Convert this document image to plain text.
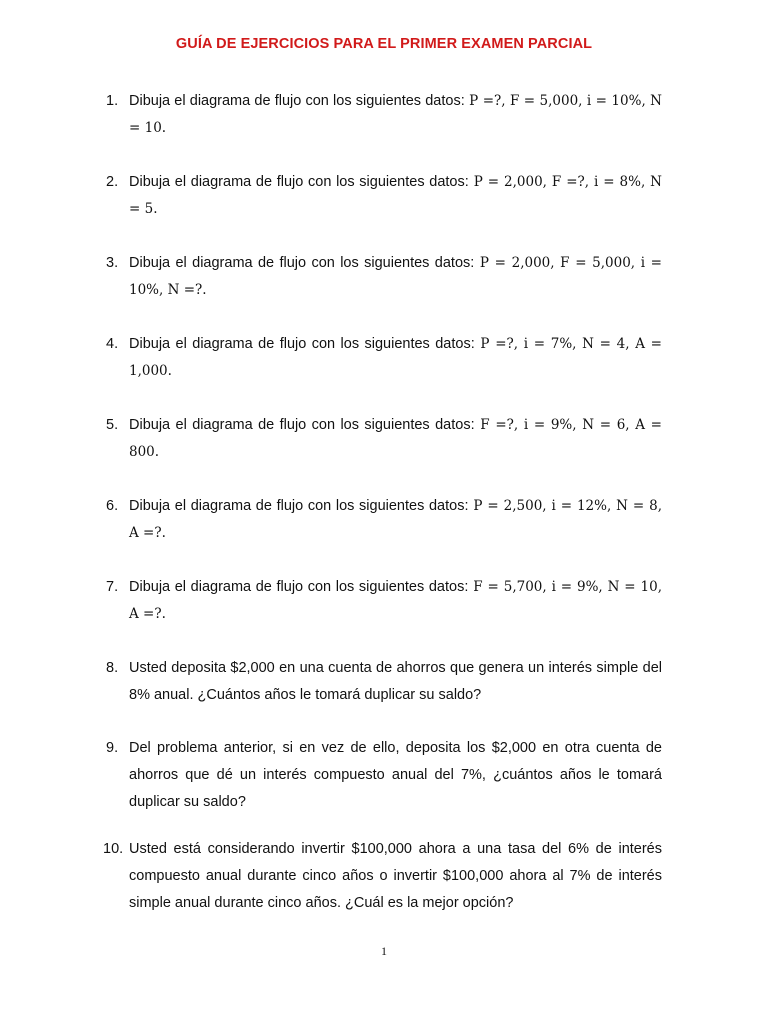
GUÍA DE EJERCICIOS PARA EL PRIMER EXAMEN PARCIAL
1. Dibuja el diagrama de flujo con los siguientes datos: P =?, F = 5,000, i = 10%, N = 10.
2. Dibuja el diagrama de flujo con los siguientes datos: P = 2,000, F =?, i = 8%, N = 5.
3. Dibuja el diagrama de flujo con los siguientes datos: P = 2,000, F = 5,000, i = 10%, N =?.
4. Dibuja el diagrama de flujo con los siguientes datos: P =?, i = 7%, N = 4, A = 1,000.
5. Dibuja el diagrama de flujo con los siguientes datos: F =?, i = 9%, N = 6, A = 800.
6. Dibuja el diagrama de flujo con los siguientes datos: P = 2,500, i = 12%, N = 8, A =?.
7. Dibuja el diagrama de flujo con los siguientes datos: F = 5,700, i = 9%, N = 10, A =?.
8. Usted deposita $2,000 en una cuenta de ahorros que genera un interés simple del 8% anual. ¿Cuántos años le tomará duplicar su saldo?
9. Del problema anterior, si en vez de ello, deposita los $2,000 en otra cuenta de ahorros que dé un interés compuesto anual del 7%, ¿cuántos años le tomará duplicar su saldo?
10. Usted está considerando invertir $100,000 ahora a una tasa del 6% de interés compuesto anual durante cinco años o invertir $100,000 ahora al 7% de interés simple anual durante cinco años. ¿Cuál es la mejor opción?
1
